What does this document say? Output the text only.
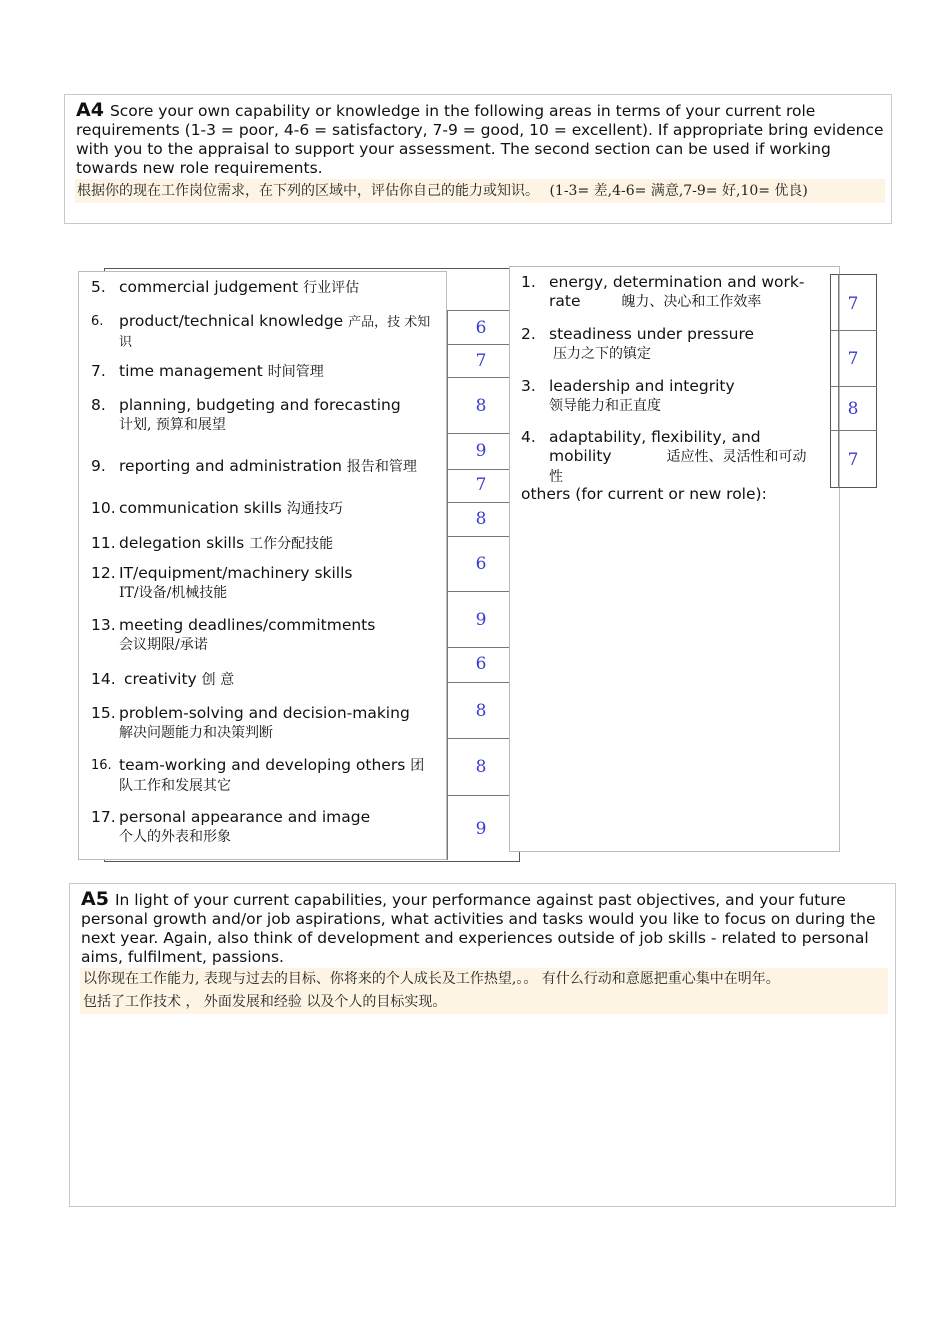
A4 Score your own capability or knowledge in the following areas in terms of your current role requirements (1-3 = poor, 4-6 = satisfactory, 7-9 = good, 10 = excellent). If appropriate bring evidence with you to the appraisal to support your assessment. The second section can be used if working towards new role requirements.
根据你的现在工作岗位需求，在下列的区域中，评估你自己的能力或知识。 (1-3= 差,4-6= 满意,7-9= 好,10= 优良)
5. commercial judgement 行业评估
6. product/technical knowledge 产品，技 术知识
7. time management 时间管理
8. planning, budgeting and forecasting
计划, 预算和展望
9. reporting and administration 报告和管理
10. communication skills 沟通技巧
11. delegation skills 工作分配技能
12. IT/equipment/machinery skills
IT/设备/机械技能
13. meeting deadlines/commitments
会议期限/承诺
14. creativity 创 意
15. problem-solving and decision-making
解决问题能力和决策判断
16. team-working and developing others 团队工作和发展其它
17. personal appearance and image
个人的外表和形象
6
7
8
9
7
8
6
9
6
8
8
9
1. energy, determination and work-rate	魄力、决心和工作效率
2. steadiness under pressure
压力之下的镇定
3. leadership and integrity
领导能力和正直度
4. adaptability, flexibility, and mobility	适应性、灵活性和可动性
others (for current or new role):
7
7
8
7
A5 In light of your current capabilities, your performance against past objectives, and your future personal growth and/or job aspirations, what activities and tasks would you like to focus on during the next year. Again, also think of development and experiences outside of job skills - related to personal aims, fulfilment, passions.
以你现在工作能力, 表现与过去的目标、你将来的个人成长及工作热望,。。 有什么行动和意愿把重心集中在明年。
包括了工作技术 ， 外面发展和经验 以及个人的目标实现。
